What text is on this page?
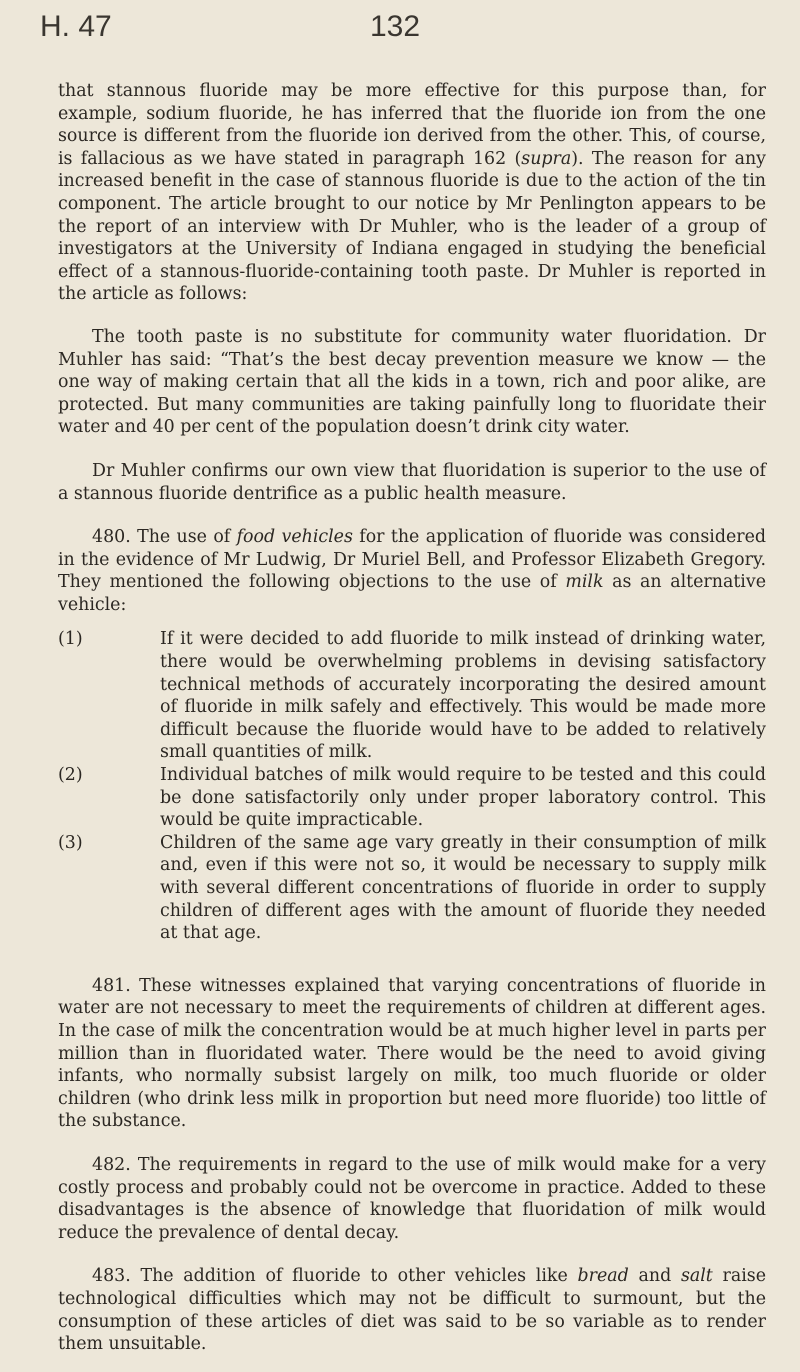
H. 47	132

that stannous fluoride may be more effective for this purpose than, for example, sodium fluoride, he has inferred that the fluoride ion from the one source is different from the fluoride ion derived from the other. This, of course, is fallacious as we have stated in paragraph 162 (supra). The reason for any increased benefit in the case of stannous fluoride is due to the action of the tin component. The article brought to our notice by Mr Penlington appears to be the report of an interview with Dr Muhler, who is the leader of a group of investigators at the University of Indiana engaged in studying the beneficial effect of a stannous-fluoride-containing tooth paste. Dr Muhler is reported in the article as follows:

The tooth paste is no substitute for community water fluoridation. Dr Muhler has said: “That’s the best decay prevention measure we know — the one way of making certain that all the kids in a town, rich and poor alike, are protected. But many communities are taking painfully long to fluoridate their water and 40 per cent of the population doesn’t drink city water.

Dr Muhler confirms our own view that fluoridation is superior to the use of a stannous fluoride dentrifice as a public health measure.

480. The use of food vehicles for the application of fluoride was considered in the evidence of Mr Ludwig, Dr Muriel Bell, and Professor Elizabeth Gregory. They mentioned the following objections to the use of milk as an alternative vehicle:

(1)	If it were decided to add fluoride to milk instead of drinking water, there would be overwhelming problems in devising satisfactory technical methods of accurately incorporating the desired amount of fluoride in milk safely and effectively. This would be made more difficult because the fluoride would have to be added to relatively small quantities of milk.
(2)	Individual batches of milk would require to be tested and this could be done satisfactorily only under proper laboratory control. This would be quite impracticable.
(3)	Children of the same age vary greatly in their consumption of milk and, even if this were not so, it would be necessary to supply milk with several different concentrations of fluoride in order to supply children of different ages with the amount of fluoride they needed at that age.

481. These witnesses explained that varying concentrations of fluoride in water are not necessary to meet the requirements of children at different ages. In the case of milk the concentration would be at much higher level in parts per million than in fluoridated water. There would be the need to avoid giving infants, who normally subsist largely on milk, too much fluoride or older children (who drink less milk in proportion but need more fluoride) too little of the substance.

482. The requirements in regard to the use of milk would make for a very costly process and probably could not be overcome in practice. Added to these disadvantages is the absence of knowledge that fluoridation of milk would reduce the prevalence of dental decay.

483. The addition of fluoride to other vehicles like bread and salt raise technological difficulties which may not be difficult to surmount, but the consumption of these articles of diet was said to be so variable as to render them unsuitable.
